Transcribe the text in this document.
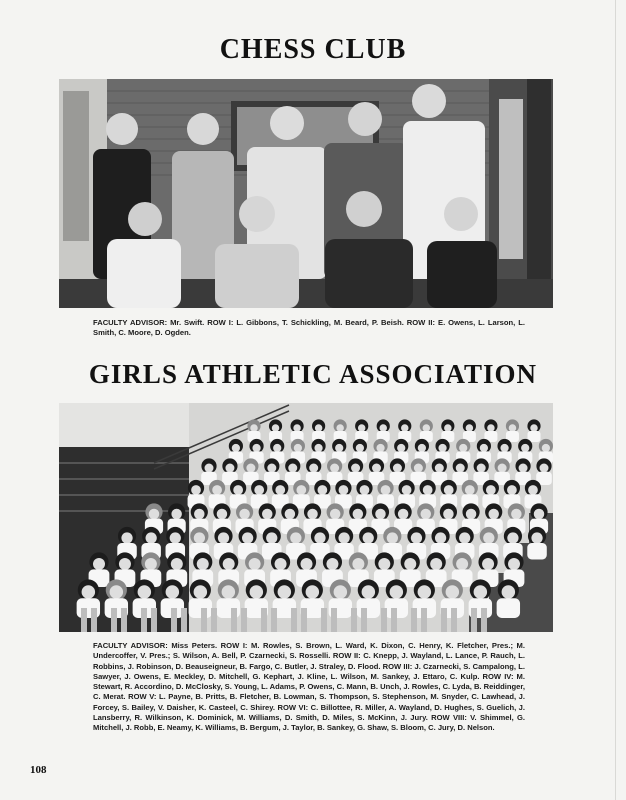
CHESS CLUB

FACULTY ADVISOR: Mr. Swift. ROW I: L. Gibbons, T. Schickling, M. Beard, P. Beish. ROW II: E. Owens, L. Larson, L. Smith, C. Moore, D. Ogden.

GIRLS ATHLETIC ASSOCIATION

FACULTY ADVISOR: Miss Peters. ROW I: M. Rowles, S. Brown, L. Ward, K. Dixon, C. Henry, K. Fletcher, Pres.; M. Undercoffer, V. Pres.; S. Wilson, A. Bell, P. Czarnecki, S. Rosselli. ROW II: C. Knepp, J. Wayland, L. Lance, P. Rauch, L. Robbins, J. Robinson, D. Beauseigneur, B. Fargo, C. Butler, J. Straley, D. Flood. ROW III: J. Czarnecki, S. Campalong, L. Sawyer, J. Owens, E. Meckley, D. Mitchell, G. Kephart, J. Kline, L. Wilson, M. Sankey, J. Ettaro, C. Kulp. ROW IV: M. Stewart, R. Accordino, D. McClosky, S. Young, L. Adams, P. Owens, C. Mann, B. Unch, J. Rowles, C. Lyda, B. Reiddinger, C. Merat. ROW V: L. Payne, B. Pritts, B. Fletcher, B. Lowman, S. Thompson, S. Stephenson, M. Snyder, C. Lawhead, J. Forcey, S. Bailey, V. Daisher, K. Casteel, C. Shirey. ROW VI: C. Billottee, R. Miller, A. Wayland, D. Hughes, S. Guelich, J. Lansberry, R. Wilkinson, K. Dominick, M. Williams, D. Smith, D. Miles, S. McKinn, J. Jury. ROW VIII: V. Shimmel, G. Mitchell, J. Robb, E. Neamy, K. Williams, B. Bergum, J. Taylor, B. Sankey, G. Shaw, S. Bloom, C. Jury, D. Nelson.

108
